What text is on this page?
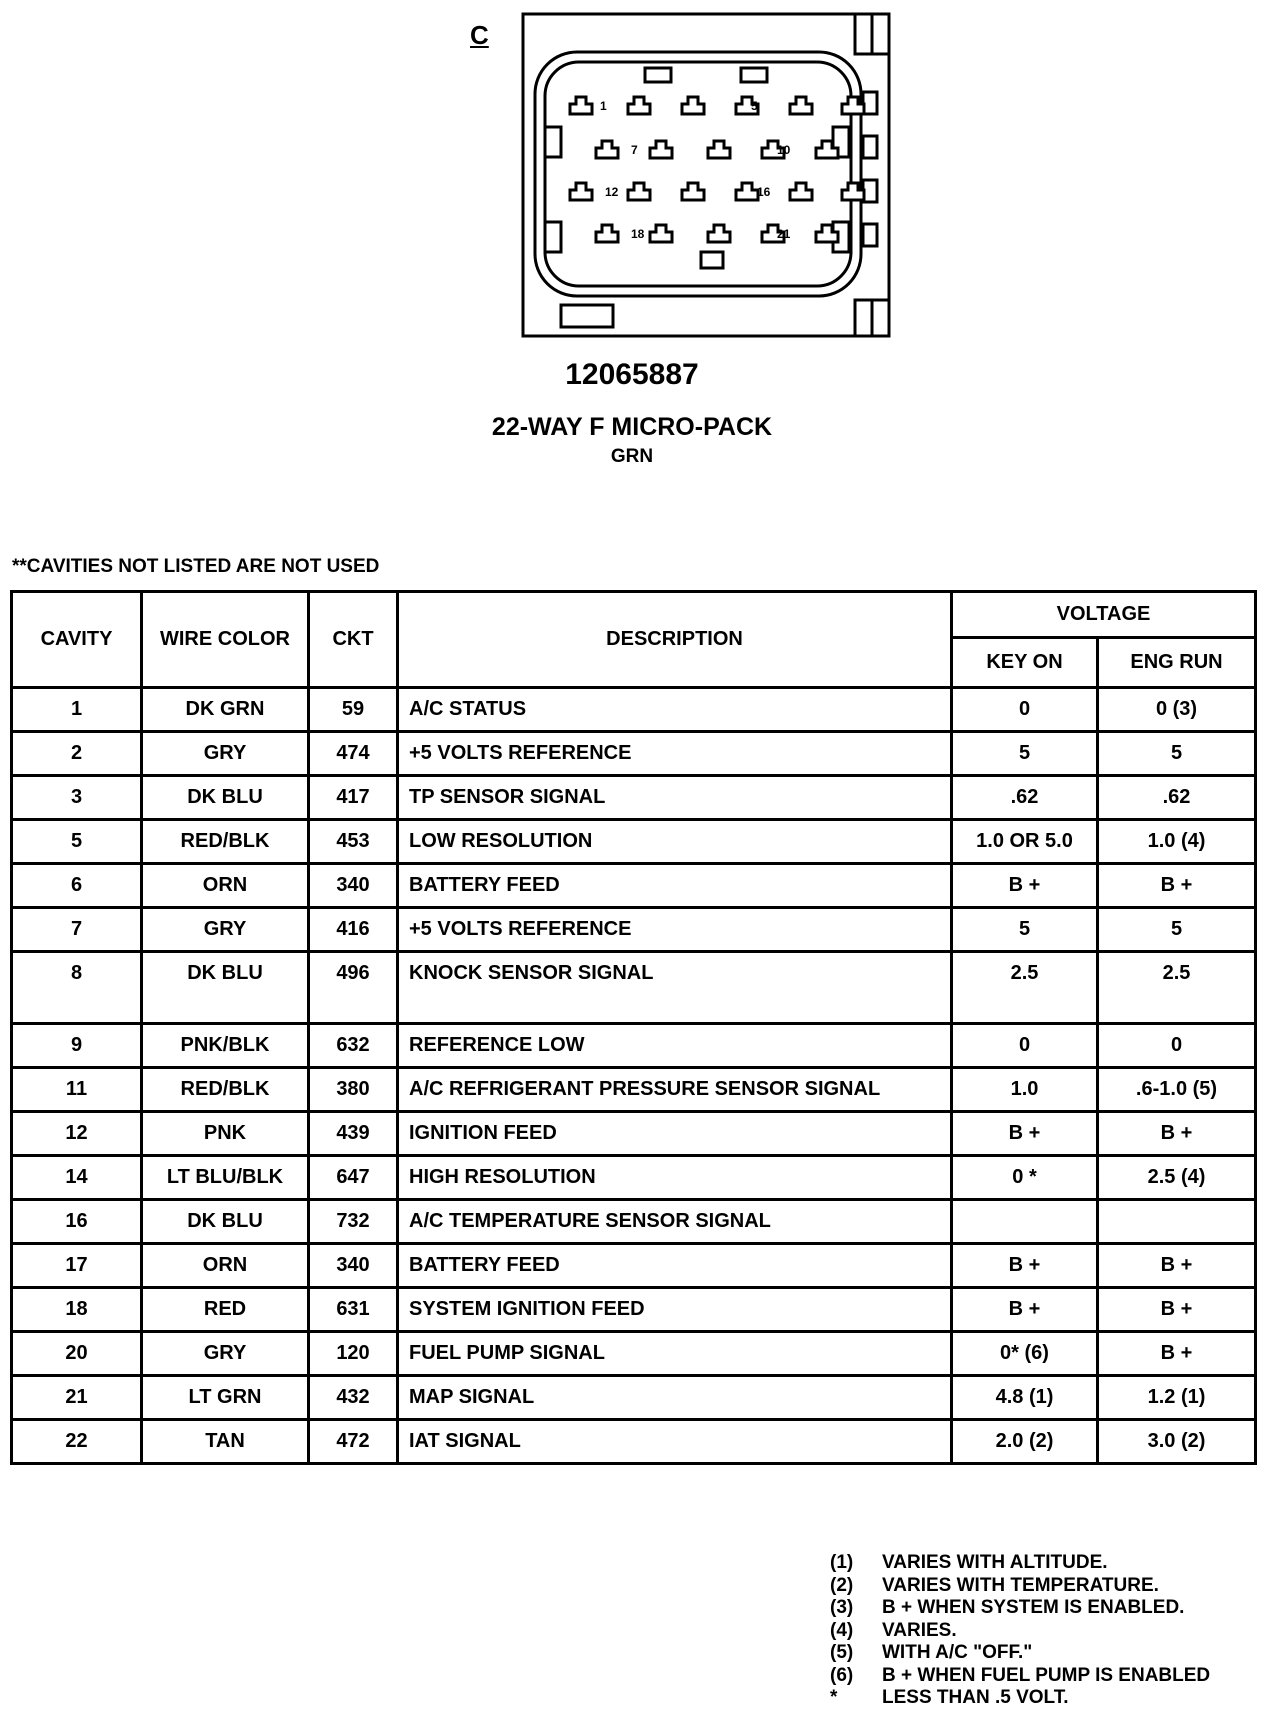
C
1	5
7	10
12	16
18	21
12065887
22-WAY F MICRO-PACK
GRN
**CAVITIES NOT LISTED ARE NOT USED
CAVITY	WIRE COLOR	CKT	DESCRIPTION	VOLTAGE	
				KEY ON	ENG RUN
1	DK GRN	59	A/C STATUS	0	0 (3)
2	GRY	474	+5 VOLTS REFERENCE	5	5
3	DK BLU	417	TP SENSOR SIGNAL	.62	.62
5	RED/BLK	453	LOW RESOLUTION	1.0 OR 5.0	1.0 (4)
6	ORN	340	BATTERY FEED	B +	B +
7	GRY	416	+5 VOLTS REFERENCE	5	5
8	DK BLU	496	KNOCK SENSOR SIGNAL	2.5	2.5
9	PNK/BLK	632	REFERENCE LOW	0	0
11	RED/BLK	380	A/C REFRIGERANT PRESSURE SENSOR SIGNAL	1.0	.6-1.0 (5)
12	PNK	439	IGNITION FEED	B +	B +
14	LT BLU/BLK	647	HIGH RESOLUTION	0 *	2.5 (4)
16	DK BLU	732	A/C TEMPERATURE SENSOR SIGNAL		
17	ORN	340	BATTERY FEED	B +	B +
18	RED	631	SYSTEM IGNITION FEED	B +	B +
20	GRY	120	FUEL PUMP SIGNAL	0* (6)	B +
21	LT GRN	432	MAP SIGNAL	4.8 (1)	1.2 (1)
22	TAN	472	IAT SIGNAL	2.0 (2)	3.0 (2)
(1)	VARIES WITH ALTITUDE.
(2)	VARIES WITH TEMPERATURE.
(3)	B + WHEN SYSTEM IS ENABLED.
(4)	VARIES.
(5)	WITH A/C "OFF."
(6)	B + WHEN FUEL PUMP IS ENABLED
*	LESS THAN .5 VOLT.
